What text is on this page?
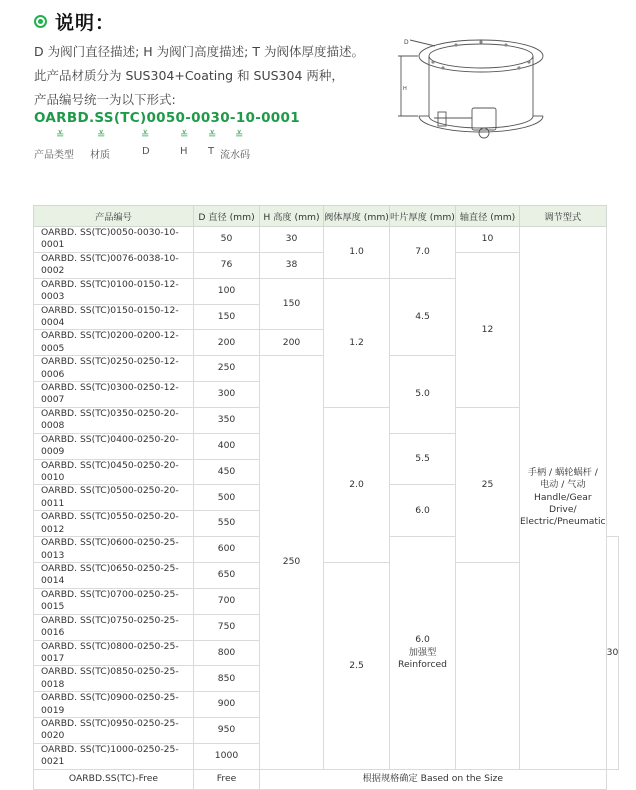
说明：
D 为阀门直径描述; H 为阀门高度描述; T 为阀体厚度描述。
此产品材质分为 SUS304+Coating 和 SUS304 两种，
产品编号统一为以下形式:
OARBD.SS(TC)0050-0030-10-0001
≚	≚	≚	≚ ≚ ≚
产品类型 材质	D	H T 流水码
D
H
产品编号	D 直径 (mm)	H 高度 (mm)	阀体厚度 (mm)	叶片厚度 (mm)	轴直径 (mm)	调节型式	
OARBD. SS(TC)0050-0030-10-0001	50	30	1.0	7.0	10	手柄 / 蜗轮蜗杆 /
电动 / 气动
Handle/Gear Drive/
Electric/Pneumatic	

OARBD. SS(TC)0076-0038-10-0002	76	38			12		
OARBD. SS(TC)0100-0150-12-0003	100	150	1.2	4.5			
OARBD. SS(TC)0150-0150-12-0004	150						
OARBD. SS(TC)0200-0200-12-0005	200	200					
OARBD. SS(TC)0250-0250-12-0006	250	250		5.0			
OARBD. SS(TC)0300-0250-12-0007	300						
OARBD. SS(TC)0350-0250-20-0008	350		2.0		25		
OARBD. SS(TC)0400-0250-20-0009	400			5.5			
OARBD. SS(TC)0450-0250-20-0010	450						
OARBD. SS(TC)0500-0250-20-0011	500			6.0			
OARBD. SS(TC)0550-0250-20-0012	550						
OARBD. SS(TC)0600-0250-25-0013	600			6.0
加强型
Reinforced			30
OARBD. SS(TC)0650-0250-25-0014	650		2.5				
OARBD. SS(TC)0700-0250-25-0015	700						
OARBD. SS(TC)0750-0250-25-0016	750						
OARBD. SS(TC)0800-0250-25-0017	800						
OARBD. SS(TC)0850-0250-25-0018	850						
OARBD. SS(TC)0900-0250-25-0019	900						
OARBD. SS(TC)0950-0250-25-0020	950						
OARBD. SS(TC)1000-0250-25-0021	1000						
OARBD.SS(TC)-Free	Free	根据规格确定 Based on the Size					
